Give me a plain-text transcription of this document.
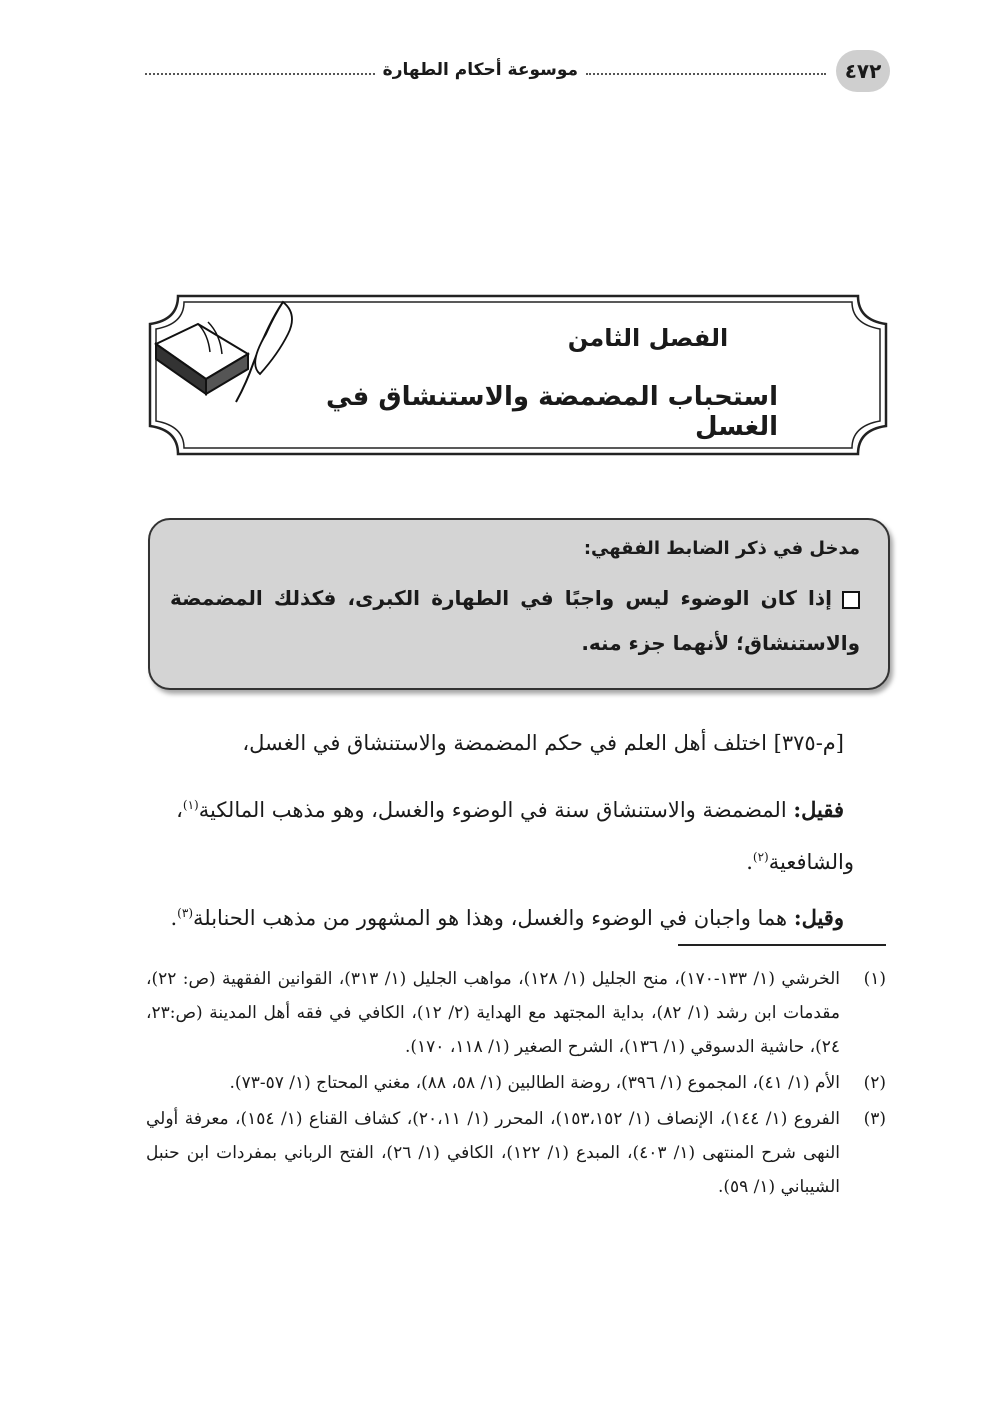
٤٧٢
موسوعة أحكام الطهارة
الفصل الثامن
استحباب المضمضة والاستنشاق في الغسل
مدخل في ذكر الضابط الفقهي:
إذا كان الوضوء ليس واجبًا في الطهارة الكبرى، فكذلك المضمضة والاستنشاق؛ لأنهما جزء منه.
[م-٣٧٥] اختلف أهل العلم في حكم المضمضة والاستنشاق في الغسل،
فقيل: المضمضة والاستنشاق سنة في الوضوء والغسل، وهو مذهب المالكية$^{(١)}$،
والشافعية$^{(٢)}$.
وقيل: هما واجبان في الوضوء والغسل، وهذا هو المشهور من مذهب الحنابلة$^{(٣)}$.
(١)
الخرشي (١/ ١٣٣-١٧٠)، منح الجليل (١/ ١٢٨)، مواهب الجليل (١/ ٣١٣)، القوانين الفقهية (ص: ٢٢)، مقدمات ابن رشد (١/ ٨٢)، بداية المجتهد مع الهداية (٢/ ١٢)، الكافي في فقه أهل المدينة (ص:٢٣، ٢٤)، حاشية الدسوقي (١/ ١٣٦)، الشرح الصغير (١/ ١١٨، ١٧٠).
(٢)
الأم (١/ ٤١)، المجموع (١/ ٣٩٦)، روضة الطالبين (١/ ٥٨، ٨٨)، مغني المحتاج (١/ ٥٧-٧٣).
(٣)
الفروع (١/ ١٤٤)، الإنصاف (١/ ١٥٣،١٥٢)، المحرر (١/ ٢٠،١١)، كشاف القناع (١/ ١٥٤)، معرفة أولي النهى شرح المنتهى (١/ ٤٠٣)، المبدع (١/ ١٢٢)، الكافي (١/ ٢٦)، الفتح الرباني بمفردات ابن حنبل الشيباني (١/ ٥٩).
